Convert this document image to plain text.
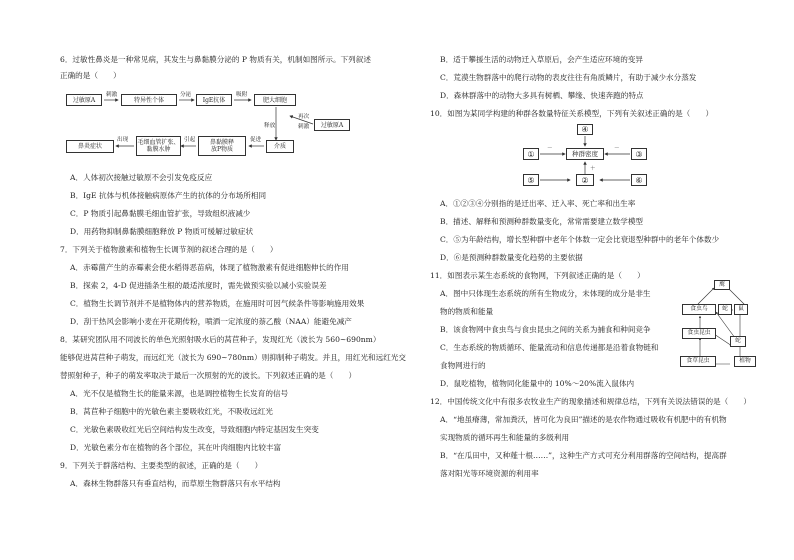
6．过敏性鼻炎是一种常见病，其发生与鼻黏膜分泌的 P 物质有关，机制如图所示。下列叙述
正确的是（　　）
过敏原A
刺激
特异性个体
分泌
IgE抗体
吸附
肥大细胞
释放
再次
刺激	过敏原A
鼻炎症状
出现 毛细血管扩张、
黏膜水肿
引起 鼻黏膜释
放P物质
促进
介质
A．人体初次接触过敏原不会引发免疫反应
B．IgE 抗体与机体接触病原体产生的抗体的分布场所相同
C．P 物质引起鼻黏膜毛细血管扩张，导致组织液减少
D．用药物抑制鼻黏膜细胞释放 P 物质可缓解过敏症状
7．下列关于植物激素和植物生长调节剂的叙述合理的是（　　）
A．赤霉菌产生的赤霉素会使水稻得恶苗病，体现了植物激素有促进细胞伸长的作用
B．探索 2，4-D 促进插条生根的最适浓度时，需先做预实验以减小实验误差
C．植物生长调节剂并不是植物体内的营养物质，在施用时可因气候条件等影响施用效果
D．刮干热风会影响小麦在开花期传粉，喷洒一定浓度的萘乙酸（NAA）能避免减产
8．某研究团队用不同波长的单色光照射吸水后的莴苣种子，发现红光（波长为 560~690nm）
能够促进莴苣种子萌发，而远红光（波长为 690~780nm）则抑制种子萌发。并且，用红光和远红光交
替照射种子，种子的萌发率取决于最后一次照射的光的波长。下列叙述正确的是（　　）
A．光不仅是植物生长的能量来源，也是调控植物生长发育的信号
B．莴苣种子细胞中的光敏色素主要吸收红光，不吸收远红光
C．光敏色素吸收红光后空间结构发生改变，导致细胞内特定基因发生突变
D．光敏色素分布在植物的各个部位，其在叶肉细胞内比较丰富
9．下列关于群落结构、主要类型的叙述，正确的是（　　）
A．森林生物群落只有垂直结构，而草原生物群落只有水平结构
B．适于攀援生活的动物迁入草原后，会产生适应环境的变异
C．荒漠生物群落中的爬行动物的表皮往往有角质鳞片，有助于减少水分蒸发
D．森林群落中的动物大多具有树栖、攀缘、快速奔跑的特点
10．如图为某同学构建的种群各数量特征关系模型，下列有关叙述正确的是（　　）
④
种群密度
①	③
⑤	②	⑥
－	－
＋
A．①②③④分别指的是迁出率、迁入率、死亡率和出生率
B．描述、解释和预测种群数量变化，常常需要建立数学模型
C．⑤为年龄结构，增长型种群中老年个体数一定会比衰退型种群中的老年个体数少
D．⑥是预测种群数量变化趋势的主要依据
11．如图表示某生态系统的食物网，下列叙述正确的是（　　）
A．图中只体现生态系统的所有生物成分，未体现的成分是非生
物的物质和能量
B．该食物网中食虫鸟与食虫昆虫之间的关系为捕食和种间竞争
C．生态系统的物质循环、能量流动和信息传递都是沿着食物链和
食物网进行的
D．鼠吃植物，植物同化能量中的 10%～20%流入鼠体内
鹰
食虫鸟	蛇	鼠
食虫昆虫
蛇
食草昆虫	植物
12．中国传统文化中有很多农牧业生产的现象描述和规律总结，下列有关说法错误的是（　　）
A．“地虽瘠薄，常加粪沃，皆可化为良田”描述的是农作物通过吸收有机肥中的有机物
实现物质的循环再生和能量的多级利用
B．“在瓜田中，又种薤十根……”，这种生产方式可充分利用群落的空间结构，提高群
落对阳光等环境资源的利用率
